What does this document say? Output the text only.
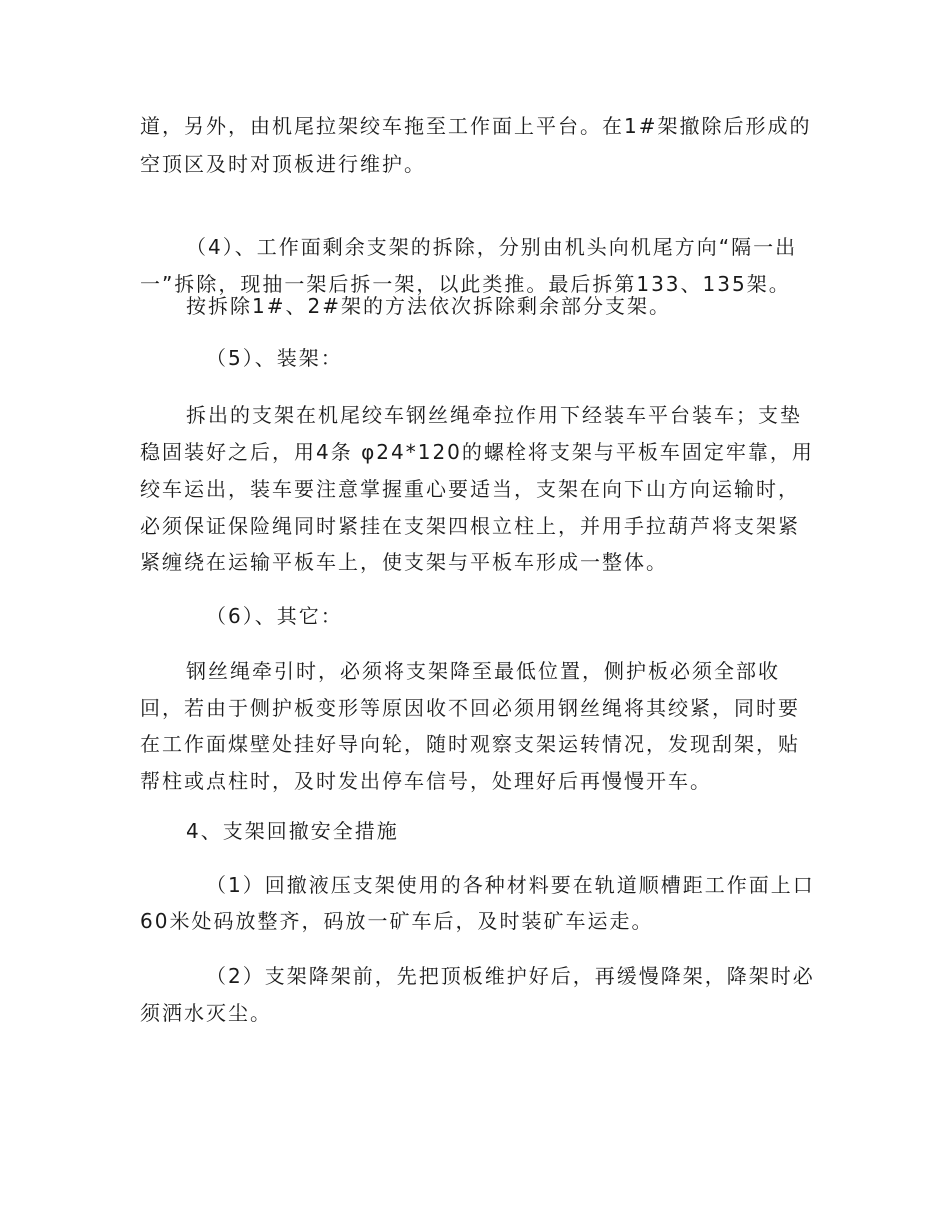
道，另外，由机尾拉架绞车拖至工作面上平台。在1#架撤除后形成的
空顶区及时对顶板进行维护。
（4）、工作面剩余支架的拆除，分别由机头向机尾方向“隔一出
一”拆除，现抽一架后拆一架，以此类推。最后拆第133、135架。
按拆除1#、2#架的方法依次拆除剩余部分支架。
（5）、装架：
拆出的支架在机尾绞车钢丝绳牵拉作用下经装车平台装车；支垫
稳固装好之后，用4条 φ24*120的螺栓将支架与平板车固定牢靠，用
绞车运出，装车要注意掌握重心要适当，支架在向下山方向运输时，
必须保证保险绳同时紧挂在支架四根立柱上，并用手拉葫芦将支架紧
紧缠绕在运输平板车上，使支架与平板车形成一整体。
（6）、其它：
钢丝绳牵引时，必须将支架降至最低位置，侧护板必须全部收
回，若由于侧护板变形等原因收不回必须用钢丝绳将其绞紧，同时要
在工作面煤壁处挂好导向轮，随时观察支架运转情况，发现刮架，贴
帮柱或点柱时，及时发出停车信号，处理好后再慢慢开车。
4、支架回撤安全措施
（1）回撤液压支架使用的各种材料要在轨道顺槽距工作面上口
60米处码放整齐，码放一矿车后，及时装矿车运走。
（2）支架降架前，先把顶板维护好后，再缓慢降架，降架时必
须洒水灭尘。
